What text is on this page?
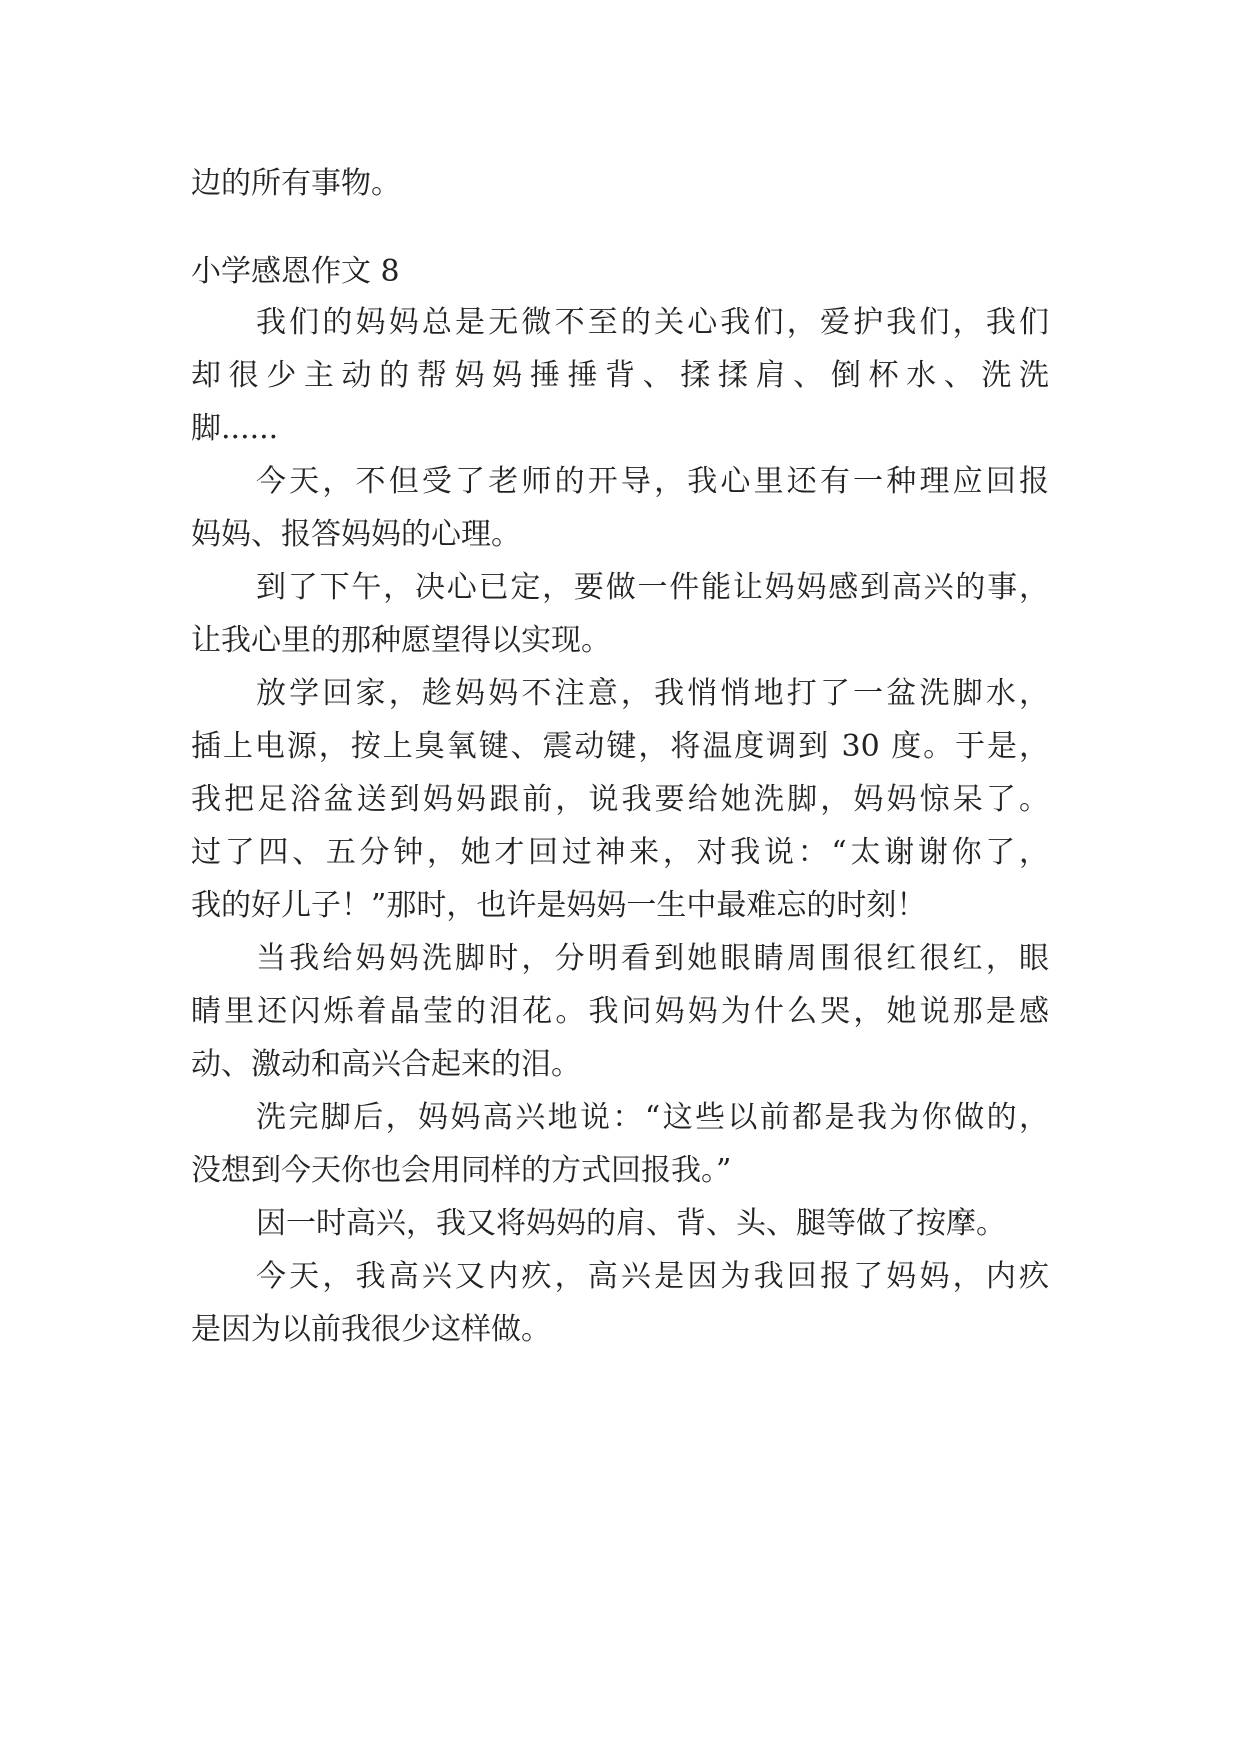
边的所有事物。
小学感恩作文 8
我们的妈妈总是无微不至的关心我们，爱护我们，我们
却很少主动的帮妈妈捶捶背、揉揉肩、倒杯水、洗洗
脚......
今天，不但受了老师的开导，我心里还有一种理应回报
妈妈、报答妈妈的心理。
到了下午，决心已定，要做一件能让妈妈感到高兴的事，
让我心里的那种愿望得以实现。
放学回家，趁妈妈不注意，我悄悄地打了一盆洗脚水，
插上电源，按上臭氧键、震动键，将温度调到 30 度。于是，
我把足浴盆送到妈妈跟前，说我要给她洗脚，妈妈惊呆了。
过了四、五分钟，她才回过神来，对我说：“太谢谢你了，
我的好儿子！”那时，也许是妈妈一生中最难忘的时刻！
当我给妈妈洗脚时，分明看到她眼睛周围很红很红，眼
睛里还闪烁着晶莹的泪花。我问妈妈为什么哭，她说那是感
动、激动和高兴合起来的泪。
洗完脚后，妈妈高兴地说：“这些以前都是我为你做的，
没想到今天你也会用同样的方式回报我。”
因一时高兴，我又将妈妈的肩、背、头、腿等做了按摩。
今天，我高兴又内疚，高兴是因为我回报了妈妈，内疚
是因为以前我很少这样做。
